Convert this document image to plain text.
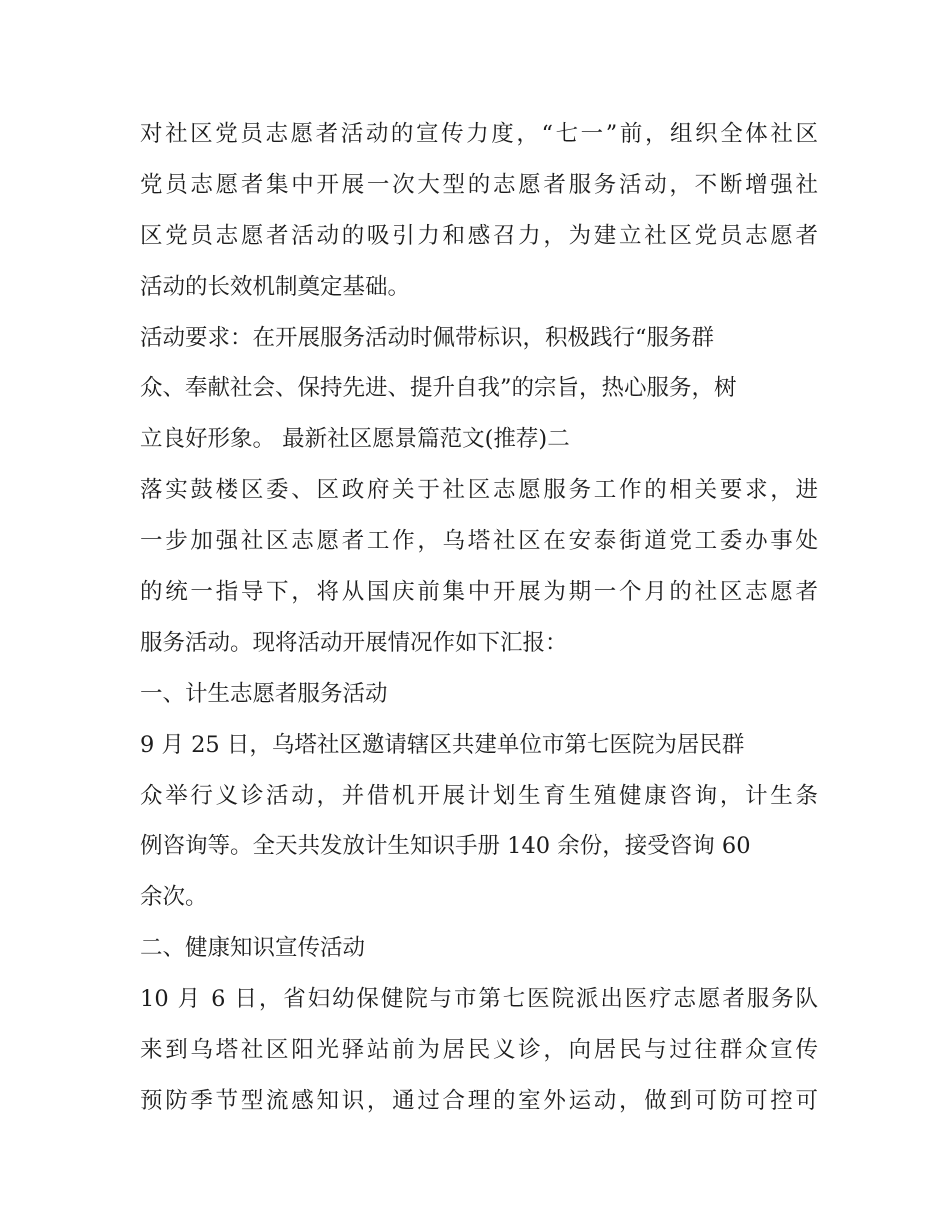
对社区党员志愿者活动的宣传力度，“七一”前，组织全体社区
党员志愿者集中开展一次大型的志愿者服务活动，不断增强社
区党员志愿者活动的吸引力和感召力，为建立社区党员志愿者
活动的长效机制奠定基础。
活动要求：在开展服务活动时佩带标识，积极践行“服务群
众、奉献社会、保持先进、提升自我”的宗旨，热心服务，树
立良好形象。 最新社区愿景篇范文(推荐)二
落实鼓楼区委、区政府关于社区志愿服务工作的相关要求，进
一步加强社区志愿者工作，乌塔社区在安泰街道党工委办事处
的统一指导下，将从国庆前集中开展为期一个月的社区志愿者
服务活动。现将活动开展情况作如下汇报：
一、计生志愿者服务活动
9 月 25 日，乌塔社区邀请辖区共建单位市第七医院为居民群
众举行义诊活动，并借机开展计划生育生殖健康咨询，计生条
例咨询等。全天共发放计生知识手册 140 余份，接受咨询 60
余次。
二、健康知识宣传活动
10 月 6 日，省妇幼保健院与市第七医院派出医疗志愿者服务队
来到乌塔社区阳光驿站前为居民义诊，向居民与过往群众宣传
预防季节型流感知识，通过合理的室外运动，做到可防可控可
